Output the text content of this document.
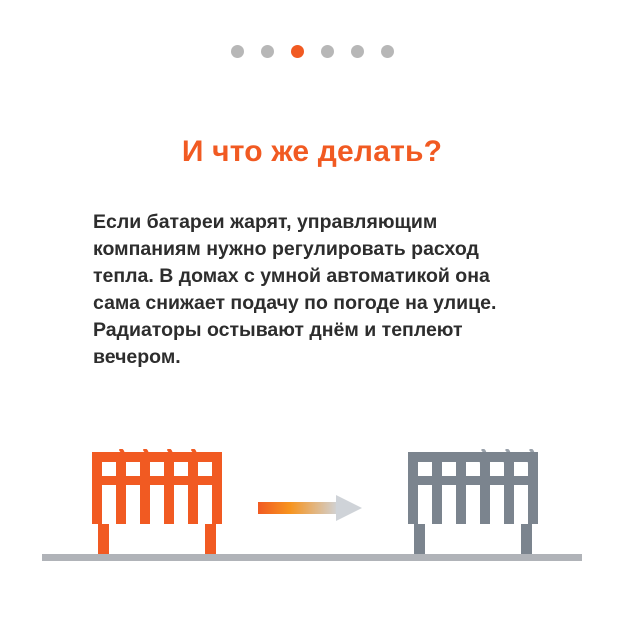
И что же делать?
Если батареи жарят, управляющим компаниям нужно регулировать расход тепла. В домах с умной автоматикой она сама снижает подачу по погоде на улице. Радиаторы остывают днём и теплеют вечером.
